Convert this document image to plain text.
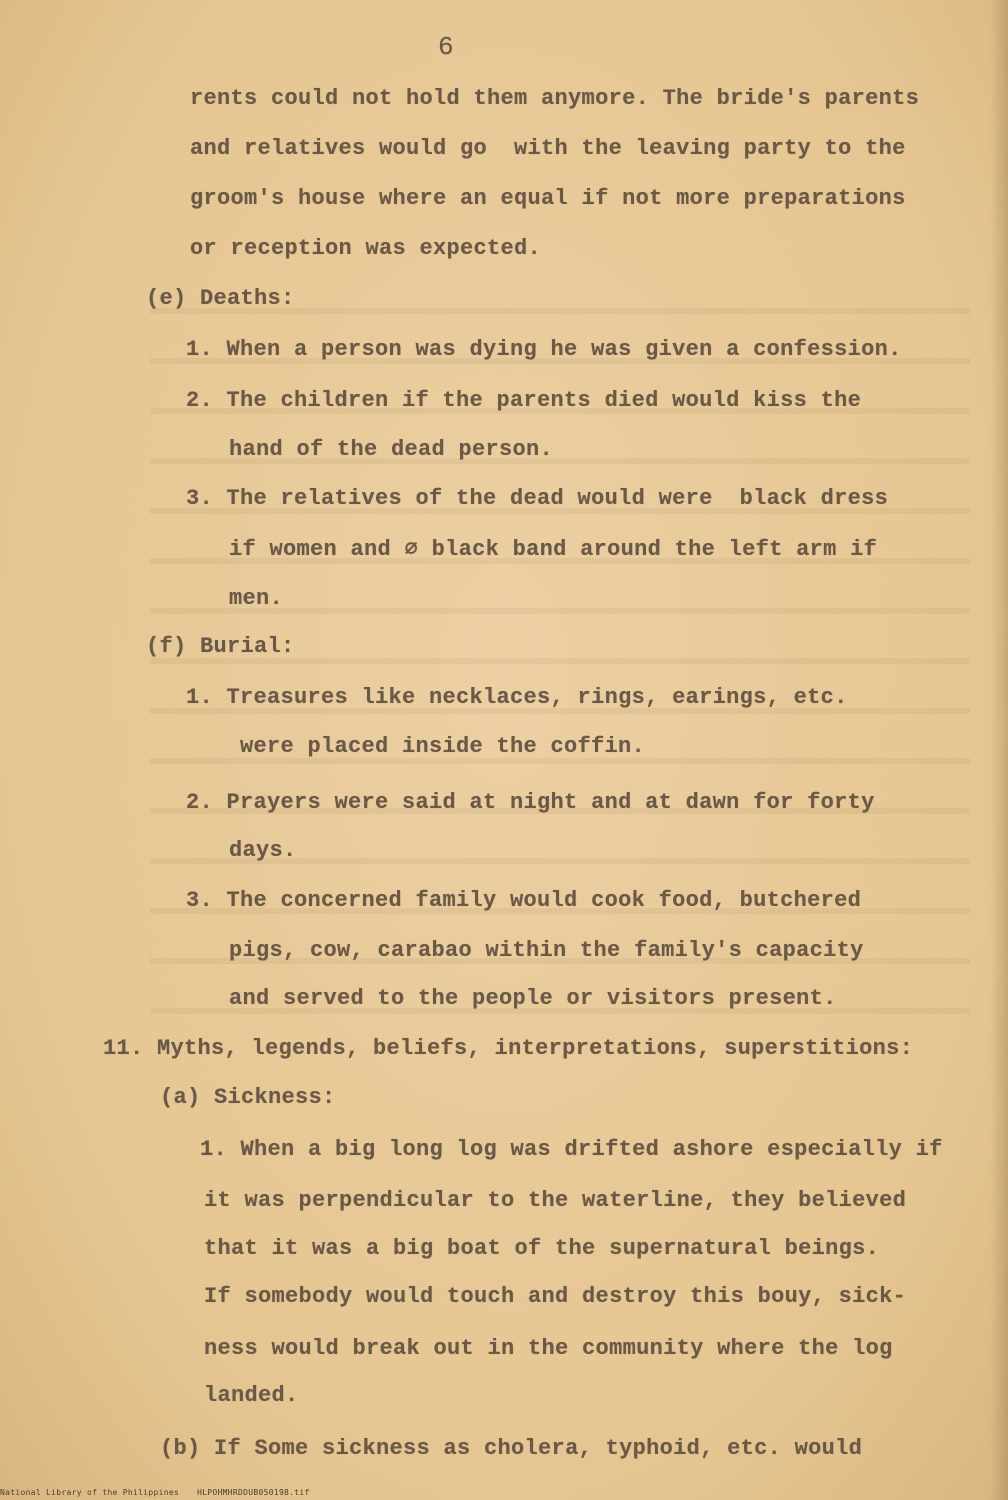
6
rents could not hold them anymore. The bride's parents
and relatives would go  with the leaving party to the
groom's house where an equal if not more preparations
or reception was expected.
(e) Deaths:
1. When a person was dying he was given a confession.
2. The children if the parents died would kiss the
hand of the dead person.
3. The relatives of the dead would were  black dress
if women and ∅ black band around the left arm if
men.
(f) Burial:
1. Treasures like necklaces, rings, earings, etc.
were placed inside the coffin.
2. Prayers were said at night and at dawn for forty
days.
3. The concerned family would cook food, butchered
pigs, cow, carabao within the family's capacity
and served to the people or visitors present.
11. Myths, legends, beliefs, interpretations, superstitions:
(a) Sickness:
1. When a big long log was drifted ashore especially if
it was perpendicular to the waterline, they believed
that it was a big boat of the supernatural beings.
If somebody would touch and destroy this bouy, sick-
ness would break out in the community where the log
landed.
(b) If Some sickness as cholera, typhoid, etc. would
National Library of the Philippines HLPOHMHRDDUB050198.tif
